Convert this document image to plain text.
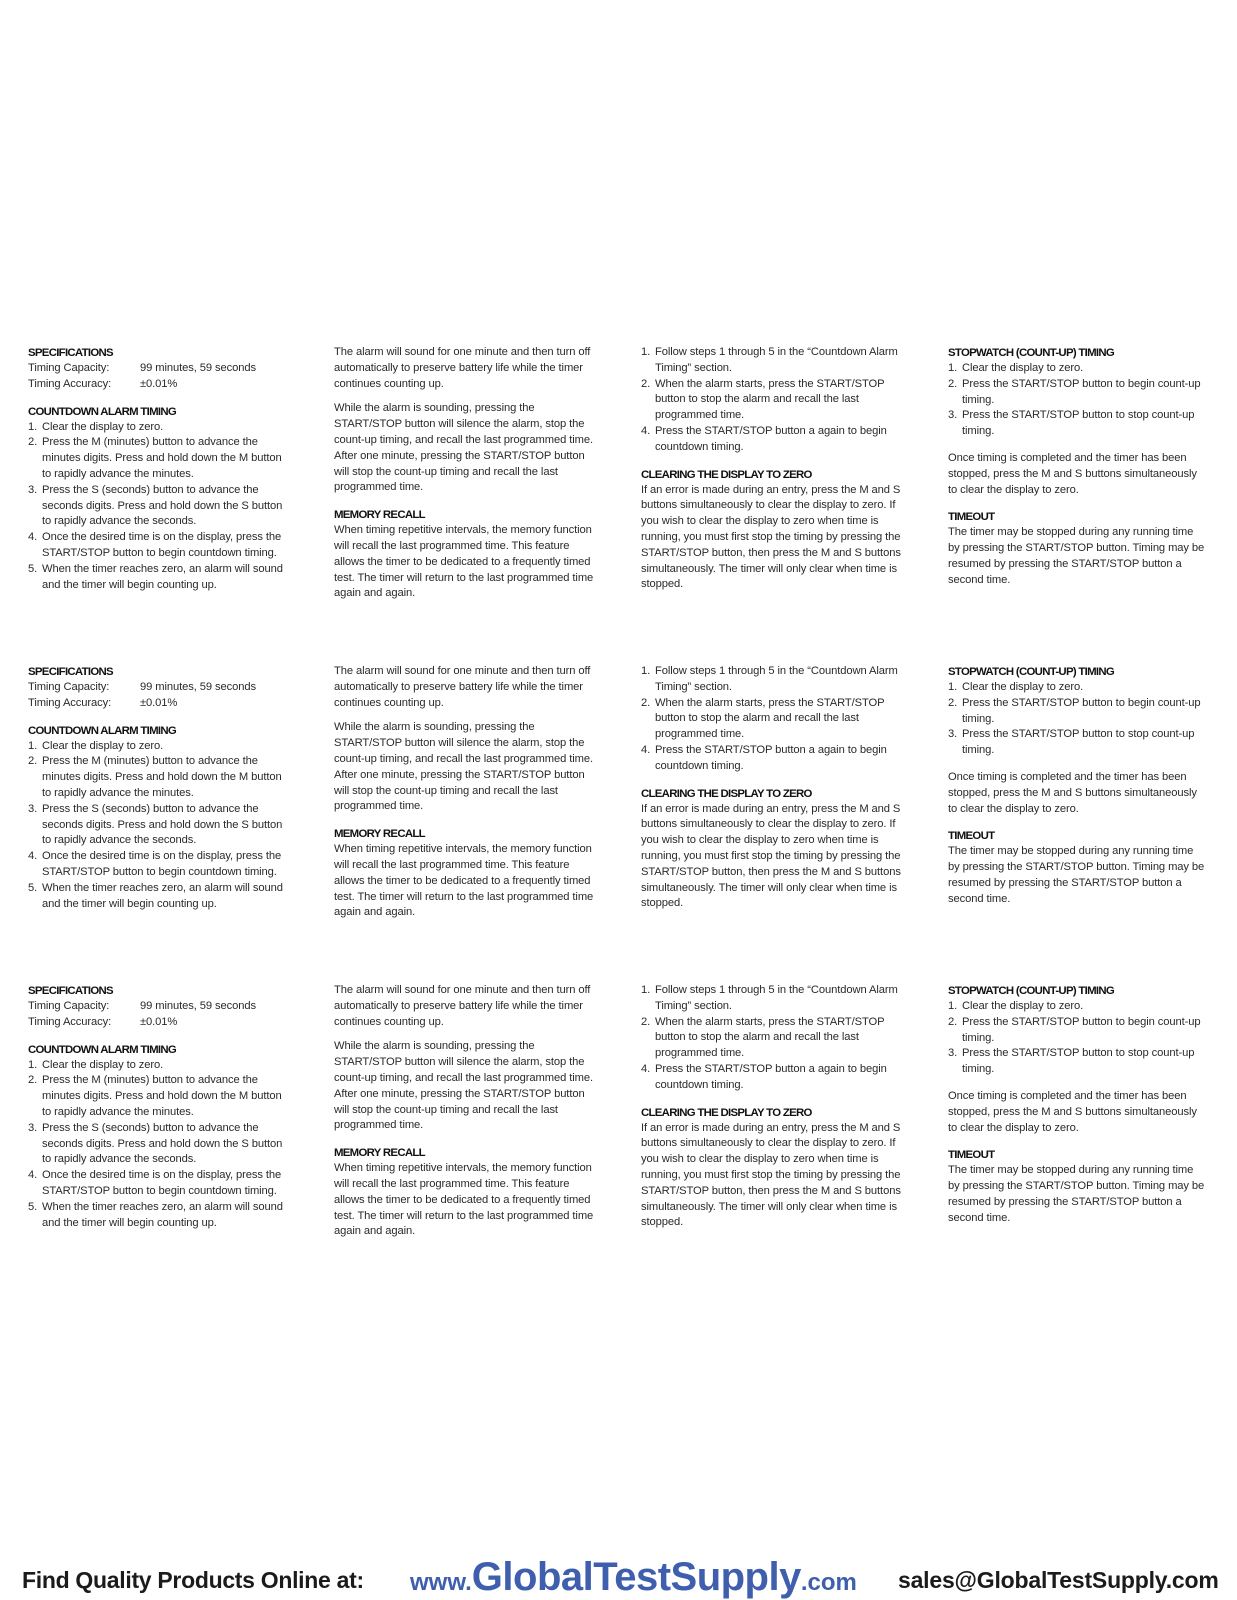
SPECIFICATIONS
Timing Capacity:	99 minutes, 59 seconds
Timing Accuracy:	±0.01%
COUNTDOWN ALARM TIMING
1. Clear the display to zero.
2. Press the M (minutes) button to advance the minutes digits. Press and hold down the M button to rapidly advance the minutes.
3. Press the S (seconds) button to advance the seconds digits. Press and hold down the S button to rapidly advance the seconds.
4. Once the desired time is on the display, press the START/STOP button to begin countdown timing.
5. When the timer reaches zero, an alarm will sound and the timer will begin counting up.

The alarm will sound for one minute and then turn off automatically to preserve battery life while the timer continues counting up.

While the alarm is sounding, pressing the START/STOP button will silence the alarm, stop the count-up timing, and recall the last programmed time. After one minute, pressing the START/STOP button will stop the count-up timing and recall the last programmed time.

MEMORY RECALL

When timing repetitive intervals, the memory function will recall the last programmed time. This feature allows the timer to be dedicated to a frequently timed test. The timer will return to the last programmed time again and again.

1. Follow steps 1 through 5 in the “Countdown Alarm Timing” section.
2. When the alarm starts, press the START/STOP button to stop the alarm and recall the last programmed time.
4. Press the START/STOP button a again to begin countdown timing.
CLEARING THE DISPLAY TO ZERO

If an error is made during an entry, press the M and S buttons simultaneously to clear the display to zero. If you wish to clear the display to zero when time is running, you must first stop the timing by pressing the START/STOP button, then press the M and S buttons simultaneously. The timer will only clear when time is stopped.

STOPWATCH (COUNT-UP) TIMING
1. Clear the display to zero.
2. Press the START/STOP button to begin count-up timing.
3. Press the START/STOP button to stop count-up timing.

Once timing is completed and the timer has been stopped, press the M and S buttons simultaneously to clear the display to zero.

TIMEOUT

The timer may be stopped during any running time by pressing the START/STOP button. Timing may be resumed by pressing the START/STOP button a second time.

SPECIFICATIONS
Timing Capacity:	99 minutes, 59 seconds
Timing Accuracy:	±0.01%
COUNTDOWN ALARM TIMING
1. Clear the display to zero.
2. Press the M (minutes) button to advance the minutes digits. Press and hold down the M button to rapidly advance the minutes.
3. Press the S (seconds) button to advance the seconds digits. Press and hold down the S button to rapidly advance the seconds.
4. Once the desired time is on the display, press the START/STOP button to begin countdown timing.
5. When the timer reaches zero, an alarm will sound and the timer will begin counting up.

The alarm will sound for one minute and then turn off automatically to preserve battery life while the timer continues counting up.

While the alarm is sounding, pressing the START/STOP button will silence the alarm, stop the count-up timing, and recall the last programmed time. After one minute, pressing the START/STOP button will stop the count-up timing and recall the last programmed time.

MEMORY RECALL

When timing repetitive intervals, the memory function will recall the last programmed time. This feature allows the timer to be dedicated to a frequently timed test. The timer will return to the last programmed time again and again.

1. Follow steps 1 through 5 in the “Countdown Alarm Timing” section.
2. When the alarm starts, press the START/STOP button to stop the alarm and recall the last programmed time.
4. Press the START/STOP button a again to begin countdown timing.
CLEARING THE DISPLAY TO ZERO

If an error is made during an entry, press the M and S buttons simultaneously to clear the display to zero. If you wish to clear the display to zero when time is running, you must first stop the timing by pressing the START/STOP button, then press the M and S buttons simultaneously. The timer will only clear when time is stopped.

STOPWATCH (COUNT-UP) TIMING
1. Clear the display to zero.
2. Press the START/STOP button to begin count-up timing.
3. Press the START/STOP button to stop count-up timing.

Once timing is completed and the timer has been stopped, press the M and S buttons simultaneously to clear the display to zero.

TIMEOUT

The timer may be stopped during any running time by pressing the START/STOP button. Timing may be resumed by pressing the START/STOP button a second time.

SPECIFICATIONS
Timing Capacity:	99 minutes, 59 seconds
Timing Accuracy:	±0.01%
COUNTDOWN ALARM TIMING
1. Clear the display to zero.
2. Press the M (minutes) button to advance the minutes digits. Press and hold down the M button to rapidly advance the minutes.
3. Press the S (seconds) button to advance the seconds digits. Press and hold down the S button to rapidly advance the seconds.
4. Once the desired time is on the display, press the START/STOP button to begin countdown timing.
5. When the timer reaches zero, an alarm will sound and the timer will begin counting up.

The alarm will sound for one minute and then turn off automatically to preserve battery life while the timer continues counting up.

While the alarm is sounding, pressing the START/STOP button will silence the alarm, stop the count-up timing, and recall the last programmed time. After one minute, pressing the START/STOP button will stop the count-up timing and recall the last programmed time.

MEMORY RECALL

When timing repetitive intervals, the memory function will recall the last programmed time. This feature allows the timer to be dedicated to a frequently timed test. The timer will return to the last programmed time again and again.

1. Follow steps 1 through 5 in the “Countdown Alarm Timing” section.
2. When the alarm starts, press the START/STOP button to stop the alarm and recall the last programmed time.
4. Press the START/STOP button a again to begin countdown timing.
CLEARING THE DISPLAY TO ZERO

If an error is made during an entry, press the M and S buttons simultaneously to clear the display to zero. If you wish to clear the display to zero when time is running, you must first stop the timing by pressing the START/STOP button, then press the M and S buttons simultaneously. The timer will only clear when time is stopped.

STOPWATCH (COUNT-UP) TIMING
1. Clear the display to zero.
2. Press the START/STOP button to begin count-up timing.
3. Press the START/STOP button to stop count-up timing.

Once timing is completed and the timer has been stopped, press the M and S buttons simultaneously to clear the display to zero.

TIMEOUT

The timer may be stopped during any running time by pressing the START/STOP button. Timing may be resumed by pressing the START/STOP button a second time.

Find Quality Products Online at: www.GlobalTestSupply.com sales@GlobalTestSupply.com
